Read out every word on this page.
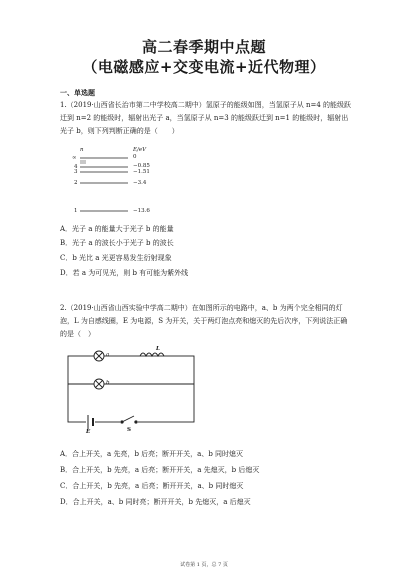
高二春季期中点题
（电磁感应+交变电流+近代物理）
一、单选题
1.（2019·山西省长治市第二中学校高二期中）氢原子的能级如图，当氢原子从 n=4 的能级跃迁到 n=2 的能级时，辐射出光子 a，当氢原子从 n=3 的能级跃迁到 n=1 的能级时，辐射出光子 b，则下列判断正确的是（　　）
n	E/eV
∞	0
4	−0.85
3	−1.51
2	−3.4
1	−13.6
A．光子 a 的能量大于光子 b 的能量
B．光子 a 的波长小于光子 b 的波长
C．b 光比 a 光更容易发生衍射现象
D．若 a 为可见光，则 b 有可能为紫外线
2.（2019·山西省山西实验中学高二期中）在如图所示的电路中，a、b 为两个完全相同的灯泡，L 为自感线圈，E 为电源，S 为开关，关于两灯泡点亮和熄灭的先后次序，下列说法正确的是（　）
L
a
b
E	S
A．合上开关，a 先亮，b 后亮；断开开关，a、b 同时熄灭
B．合上开关，b 先亮，a 后亮；断开开关，a 先熄灭，b 后熄灭
C．合上开关，b 先亮，a 后亮；断开开关，a、b 同时熄灭
D．合上开关，a、b 同时亮；断开开关，b 先熄灭，a 后熄灭
试卷第 1 页，总 7 页
